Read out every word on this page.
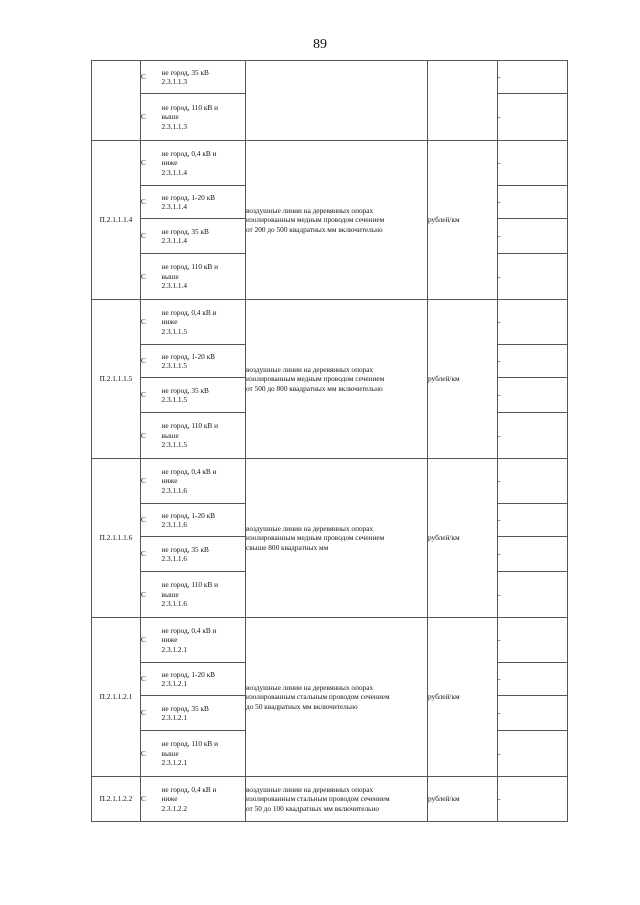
89
	С	не город, 35 кВ
2.3.1.1.3			-
	С	не город, 110 кВ и
выше
2.3.1.1.3			-
П.2.1.1.1.4	С	не город, 0,4 кВ и
ниже
2.3.1.1.4	воздушные линии на деревянных опорах
изолированным медным проводом сечением
от 200 до 500 квадратных мм включительно	рублей/км	-
	С	не город, 1-20 кВ
2.3.1.1.4			-
	С	не город, 35 кВ
2.3.1.1.4			-
	С	не город, 110 кВ и
выше
2.3.1.1.4			-
П.2.1.1.1.5	С	не город, 0,4 кВ и
ниже
2.3.1.1.5	воздушные линии на деревянных опорах
изолированным медным проводом сечением
от 500 до 800 квадратных мм включительно	рублей/км	-
	С	не город, 1-20 кВ
2.3.1.1.5			-
	С	не город, 35 кВ
2.3.1.1.5			-
	С	не город, 110 кВ и
выше
2.3.1.1.5			-
П.2.1.1.1.6	С	не город, 0,4 кВ и
ниже
2.3.1.1.6	воздушные линии на деревянных опорах
изолированным медным проводом сечением
свыше 800 квадратных мм	рублей/км	-
	С	не город, 1-20 кВ
2.3.1.1.6			-
	С	не город, 35 кВ
2.3.1.1.6			-
	С	не город, 110 кВ и
выше
2.3.1.1.6			-
П.2.1.1.2.1	С	не город, 0,4 кВ и
ниже
2.3.1.2.1	воздушные линии на деревянных опорах
изолированным стальным проводом сечением
до 50 квадратных мм включительно	рублей/км	-
	С	не город, 1-20 кВ
2.3.1.2.1			-
	С	не город, 35 кВ
2.3.1.2.1			-
	С	не город, 110 кВ и
выше
2.3.1.2.1			-
П.2.1.1.2.2	С	не город, 0,4 кВ и
ниже
2.3.1.2.2	воздушные линии на деревянных опорах
изолированным стальным проводом сечением
от 50 до 100 квадратных мм включительно	рублей/км	-
